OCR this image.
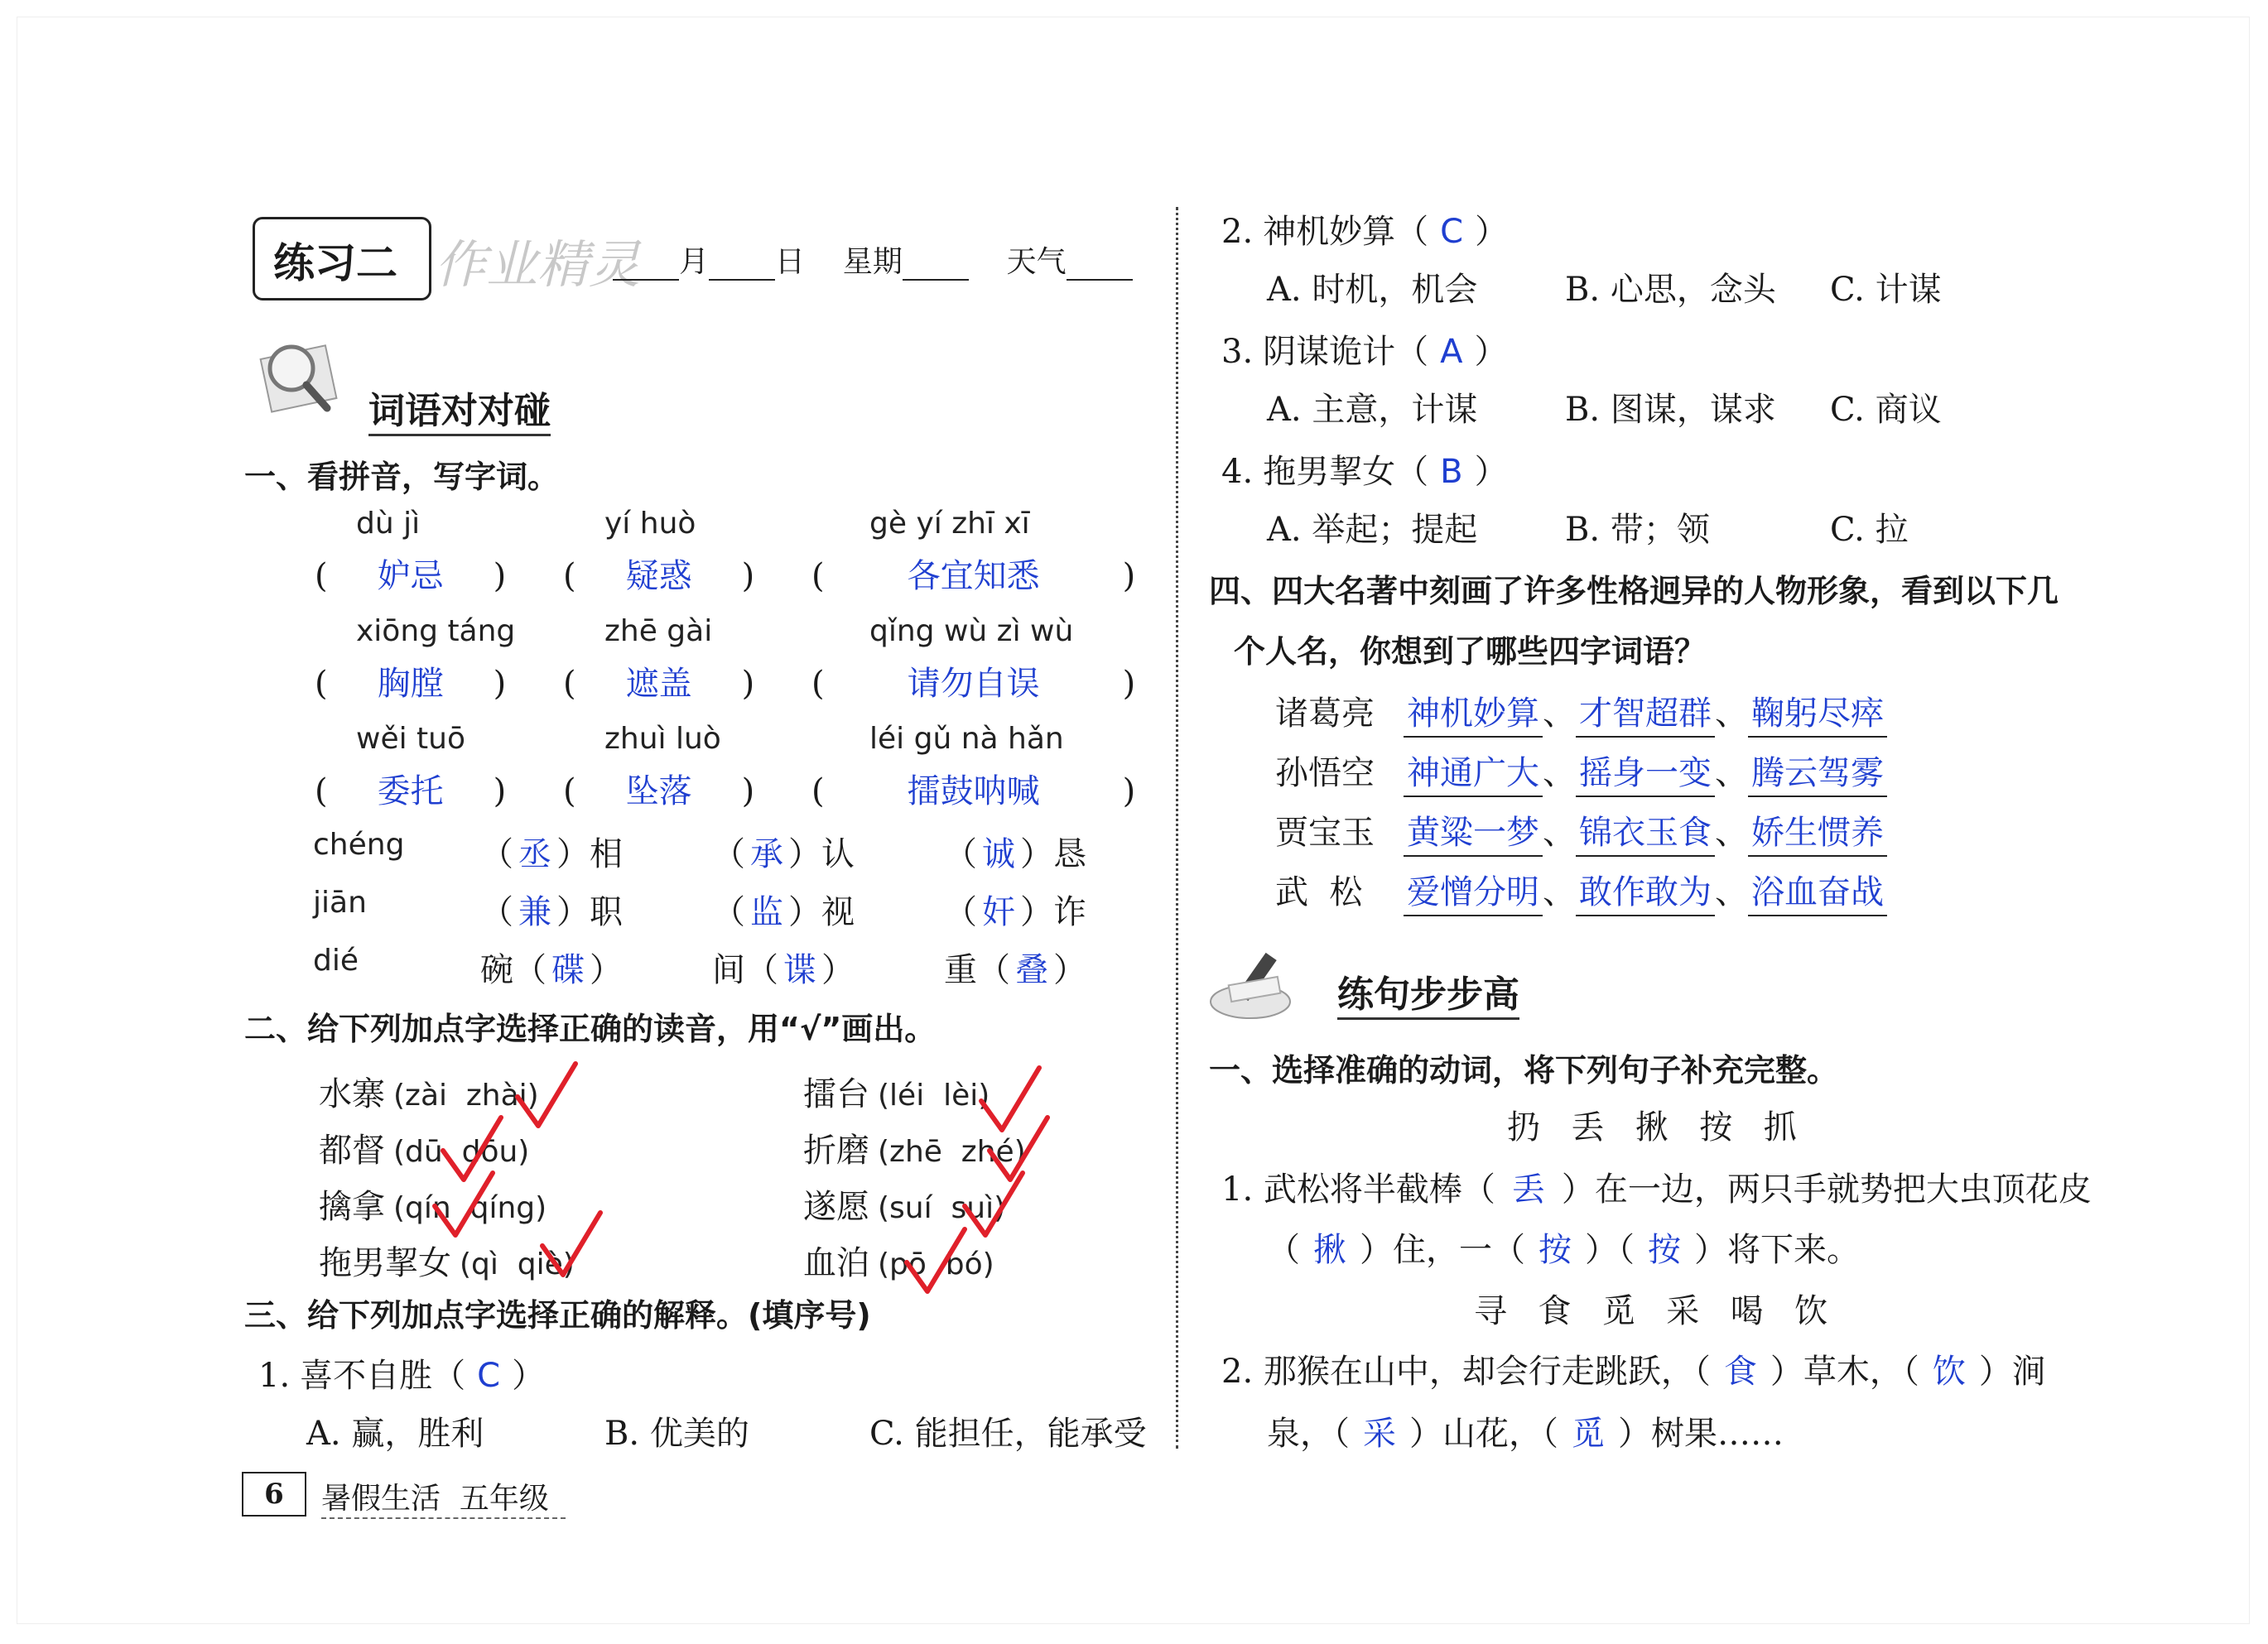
练习二 作业精灵	月 日 星期	天气
词语对对碰
一、看拼音，写字词。
dù jì
( 妒忌 )
yí huò
( 疑惑 )
gè yí zhī xī
(	各宜知悉	)
xiōng táng
( 胸膛 )
zhē gài
( 遮盖 )
qǐng wù zì wù
(	请勿自误	)
wěi tuō
( 委托 )
zhuì luò
( 坠落 )
léi gǔ nà hǎn
(	擂鼓呐喊	)
chéng （ 丞 ）相	（ 承 ）认	（ 诚 ）恳
jiān	（ 兼 ）职	（ 监 ）视	（ 奸 ）诈
dié	碗（ 碟 ）	间（ 谍 ）	重（ 叠 ）
二、给下列加点字选择正确的读音，用“√”画出。
水寨 (zài  zhài)
都督 (dū  dōu)
擒拿 (qín  qíng)
拖男挈女 (qì  qiè)
擂台 (léi  lèi)
折磨 (zhē  zhé)
遂愿 (suí  suì)
血泊 (pō  bó)
三、给下列加点字选择正确的解释。(填序号)
1. 喜不自胜（ C ）
A. 赢，胜利	B. 优美的	C. 能担任，能承受
2. 神机妙算（ C ）
A. 时机，机会	B. 心思，念头 C. 计谋
3. 阴谋诡计（ A ）
A. 主意，计谋	B. 图谋，谋求 C. 商议
4. 拖男挈女（ B ）
A. 举起；提起	B. 带；领	C. 拉
四、四大名著中刻画了许多性格迥异的人物形象，看到以下几
个人名，你想到了哪些四字词语？
诸葛亮 神机妙算 、 才智超群 、 鞠躬尽瘁
孙悟空 神通广大 、 摇身一变 、 腾云驾雾
贾宝玉 黄粱一梦 、 锦衣玉食 、 娇生惯养
武  松 爱憎分明 、 敢作敢为 、 浴血奋战
练句步步高
一、选择准确的动词，将下列句子补充完整。
扔  丢  揪  按  抓
1. 武松将半截棒（ 丢 ）在一边，两只手就势把大虫顶花皮
（ 揪 ）住，一（ 按 ）（ 按 ）将下来。
寻  食  觅  采  喝  饮
2. 那猴在山中，却会行走跳跃，（ 食 ）草木，（ 饮 ）涧
泉，（ 采 ）山花，（ 觅 ）树果……
6	暑假生活  五年级
